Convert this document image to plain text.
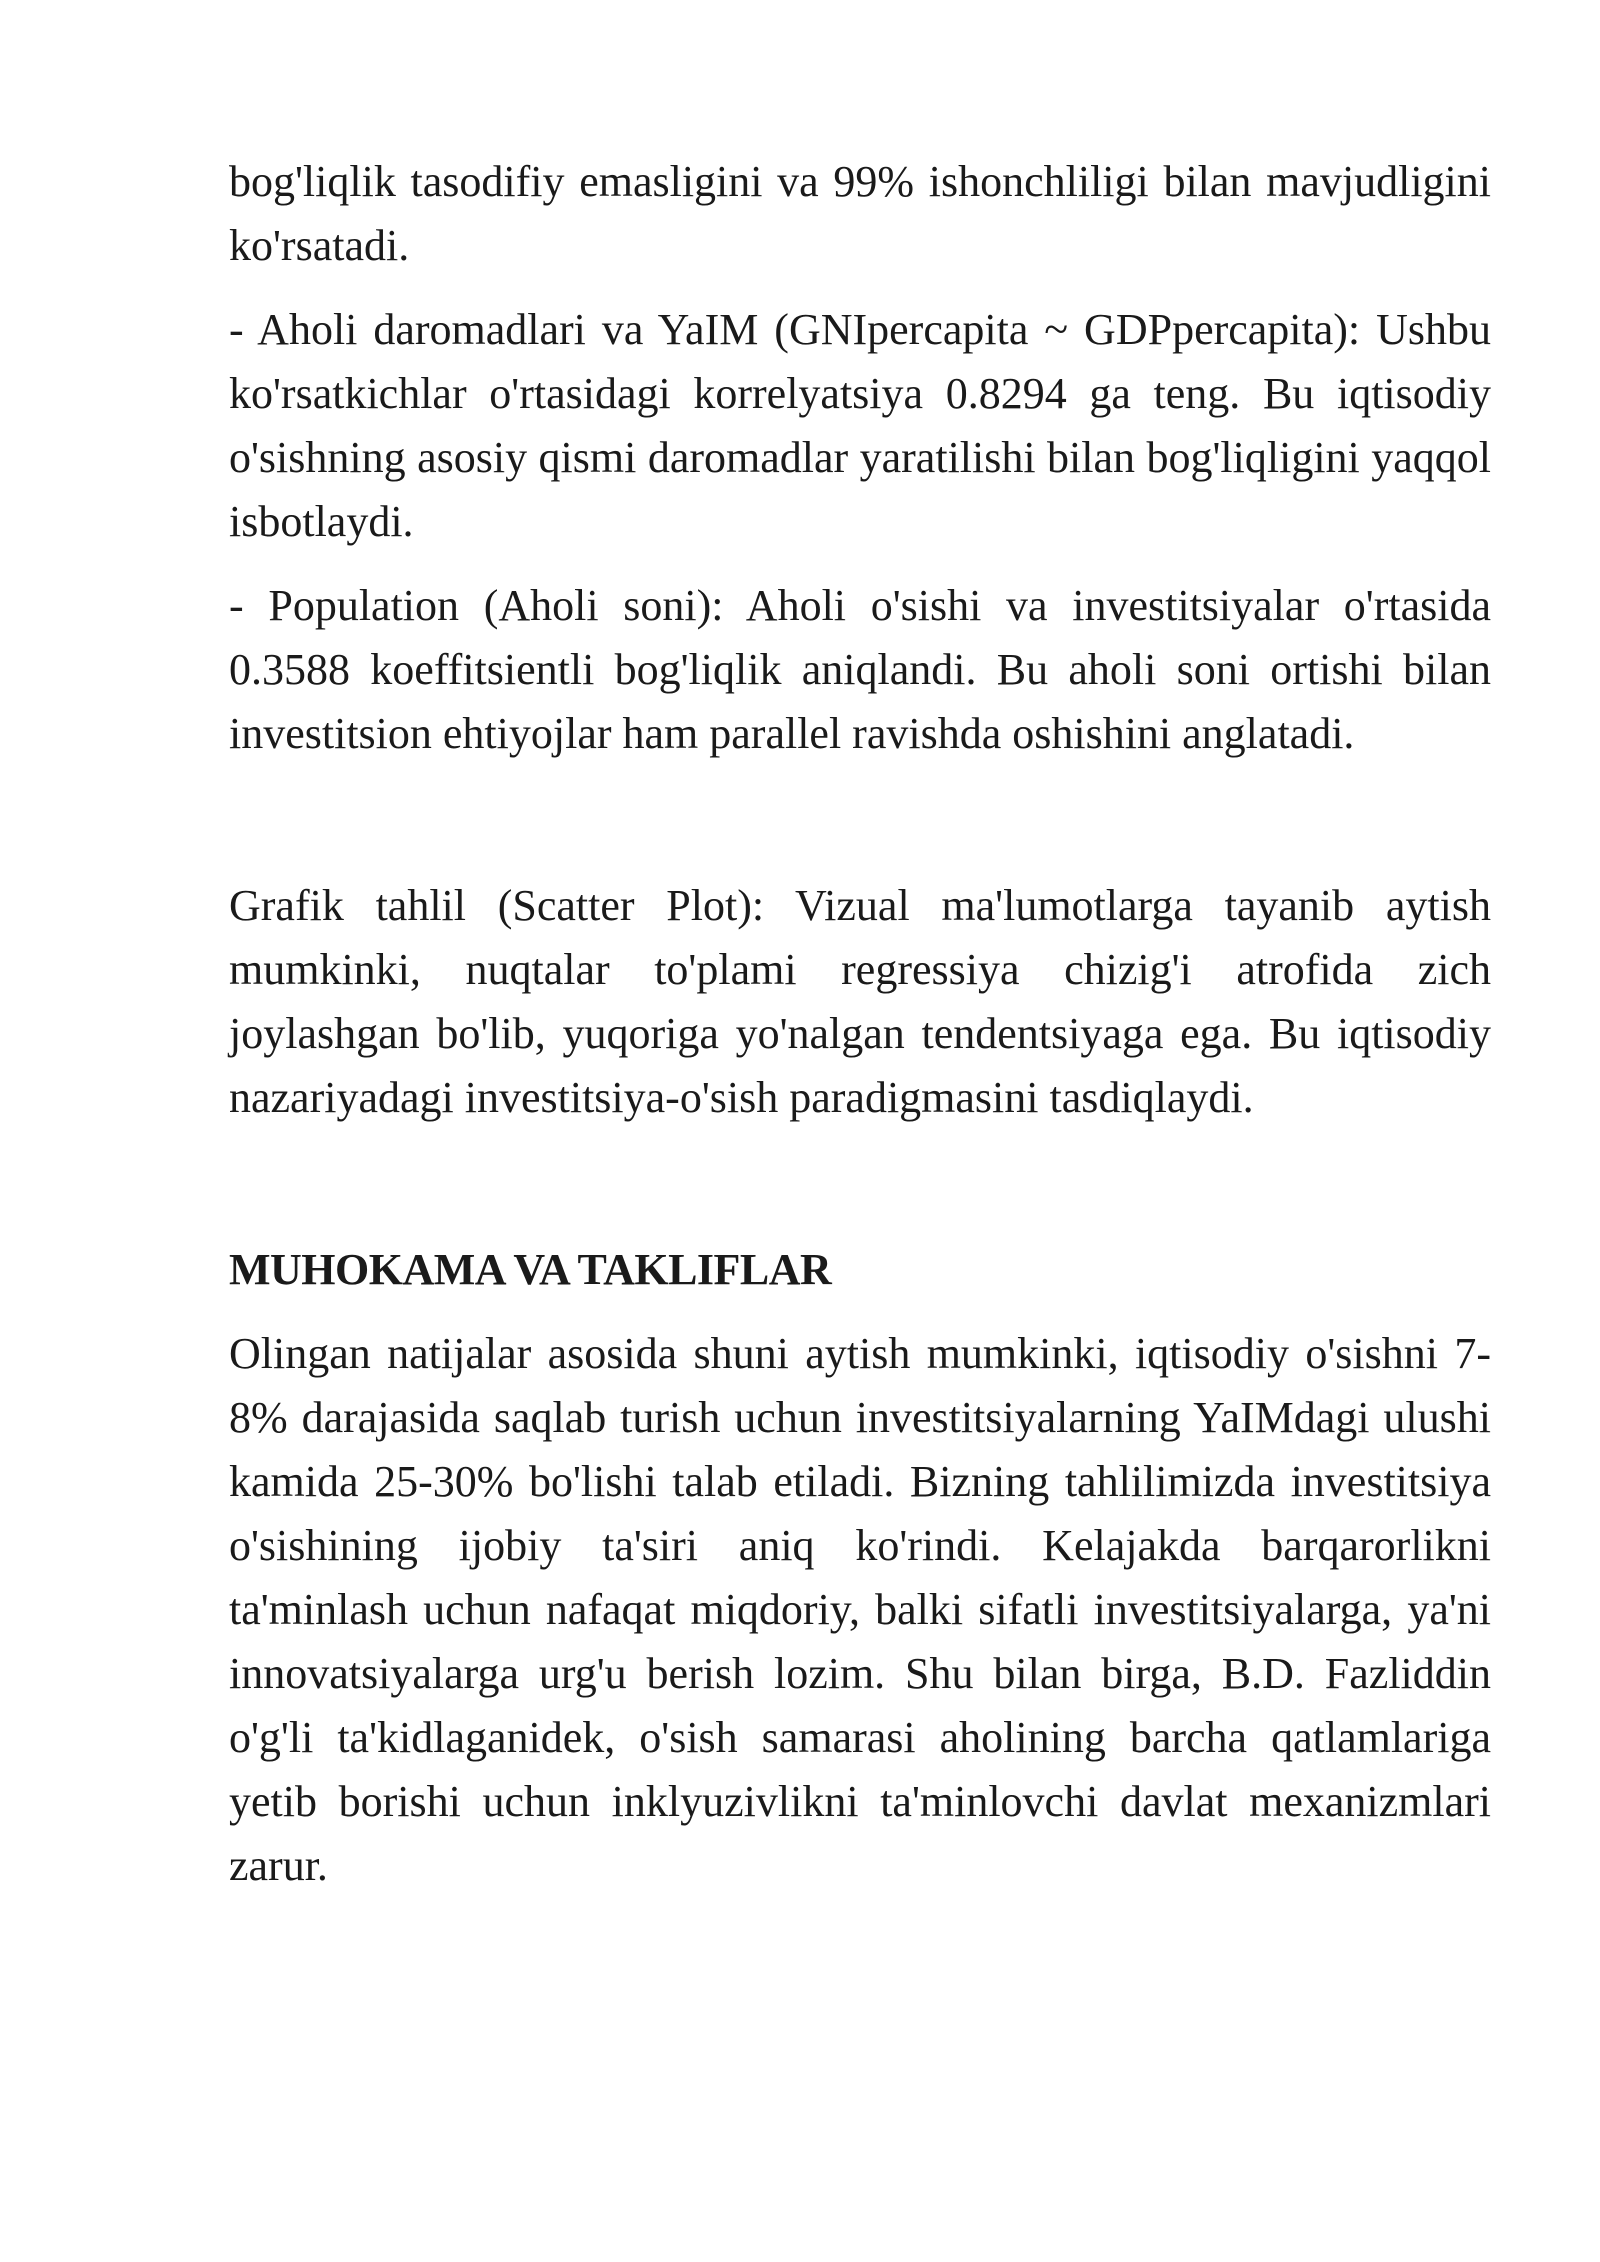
bog'liqlik tasodifiy emasligini va 99% ishonchliligi bilan mavjudligini ko'rsatadi.

- Aholi daromadlari va YaIM (GNIpercapita ~ GDPpercapita): Ushbu ko'rsatkichlar o'rtasidagi korrelyatsiya 0.8294 ga teng. Bu iqtisodiy o'sishning asosiy qismi daromadlar yaratilishi bilan bog'liqligini yaqqol isbotlaydi.

- Population (Aholi soni): Aholi o'sishi va investitsiyalar o'rtasida 0.3588 koeffitsientli bog'liqlik aniqlandi. Bu aholi soni ortishi bilan investitsion ehtiyojlar ham parallel ravishda oshishini anglatadi.

Grafik tahlil (Scatter Plot): Vizual ma'lumotlarga tayanib aytish mumkinki, nuqtalar to'plami regressiya chizig'i atrofida zich joylashgan bo'lib, yuqoriga yo'nalgan tendentsiyaga ega. Bu iqtisodiy nazariyadagi investitsiya-o'sish paradigmasini tasdiqlaydi.

MUHOKAMA VA TAKLIFLAR

Olingan natijalar asosida shuni aytish mumkinki, iqtisodiy o'sishni 7-8% darajasida saqlab turish uchun investitsiyalarning YaIMdagi ulushi kamida 25-30% bo'lishi talab etiladi. Bizning tahlilimizda investitsiya o'sishining ijobiy ta'siri aniq ko'rindi. Kelajakda barqarorlikni ta'minlash uchun nafaqat miqdoriy, balki sifatli investitsiyalarga, ya'ni innovatsiyalarga urg'u berish lozim. Shu bilan birga, B.D. Fazliddin o'g'li ta'kidlaganidek, o'sish samarasi aholining barcha qatlamlariga yetib borishi uchun inklyuzivlikni ta'minlovchi davlat mexanizmlari zarur.
